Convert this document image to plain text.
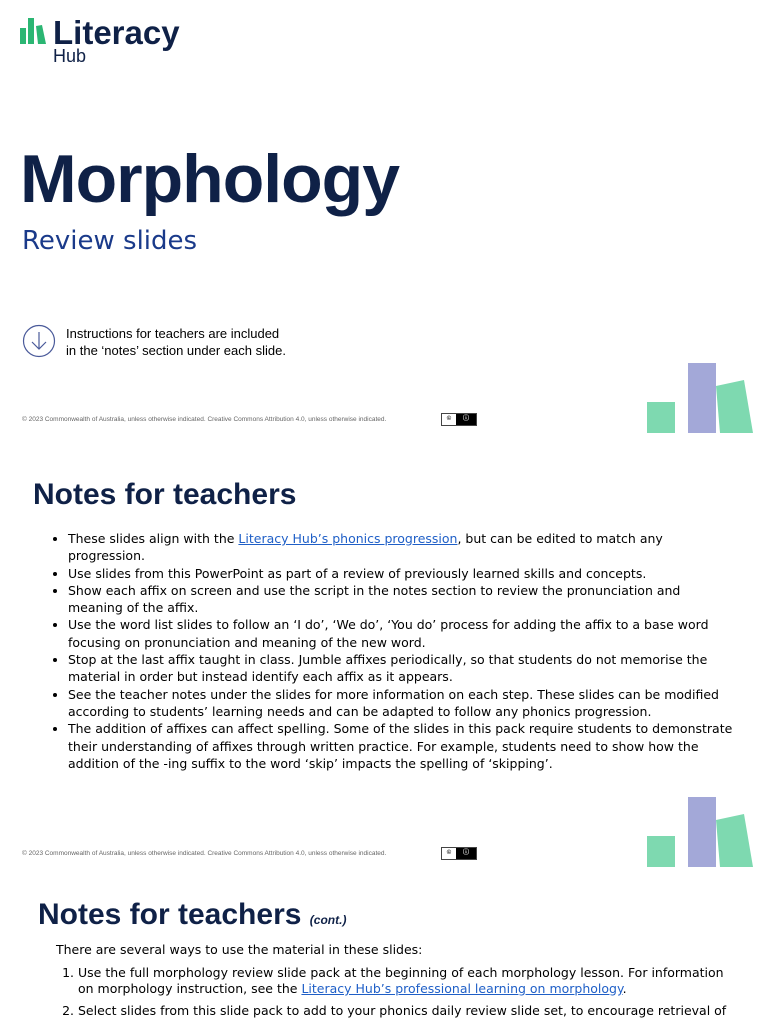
Literacy
Hub
Morphology
Review slides
Instructions for teachers are included
in the ‘notes’ section under each slide.
© 2023 Commonwealth of Australia, unless otherwise indicated. Creative Commons Attribution 4.0, unless otherwise indicated.	©	ⓘ
Notes for teachers
• These slides align with the Literacy Hub’s phonics progression, but can be edited to match any progression.
• Use slides from this PowerPoint as part of a review of previously learned skills and concepts.
• Show each affix on screen and use the script in the notes section to review the pronunciation and meaning of the affix.
• Use the word list slides to follow an ‘I do’, ‘We do’, ‘You do’ process for adding the affix to a base word focusing on pronunciation and meaning of the new word.
• Stop at the last affix taught in class. Jumble affixes periodically, so that students do not memorise the material in order but instead identify each affix as it appears.
• See the teacher notes under the slides for more information on each step. These slides can be modified according to students’ learning needs and can be adapted to follow any phonics progression.
• The addition of affixes can affect spelling. Some of the slides in this pack require students to demonstrate their understanding of affixes through written practice. For example, students need to show how the addition of the -ing suffix to the word ‘skip’ impacts the spelling of ‘skipping’.
© 2023 Commonwealth of Australia, unless otherwise indicated. Creative Commons Attribution 4.0, unless otherwise indicated.	©	ⓘ
Notes for teachers (cont.)
There are several ways to use the material in these slides:
1. Use the full morphology review slide pack at the beginning of each morphology lesson. For information on morphology instruction, see the Literacy Hub’s professional learning on morphology.
2. Select slides from this slide pack to add to your phonics daily review slide set, to encourage retrieval of
